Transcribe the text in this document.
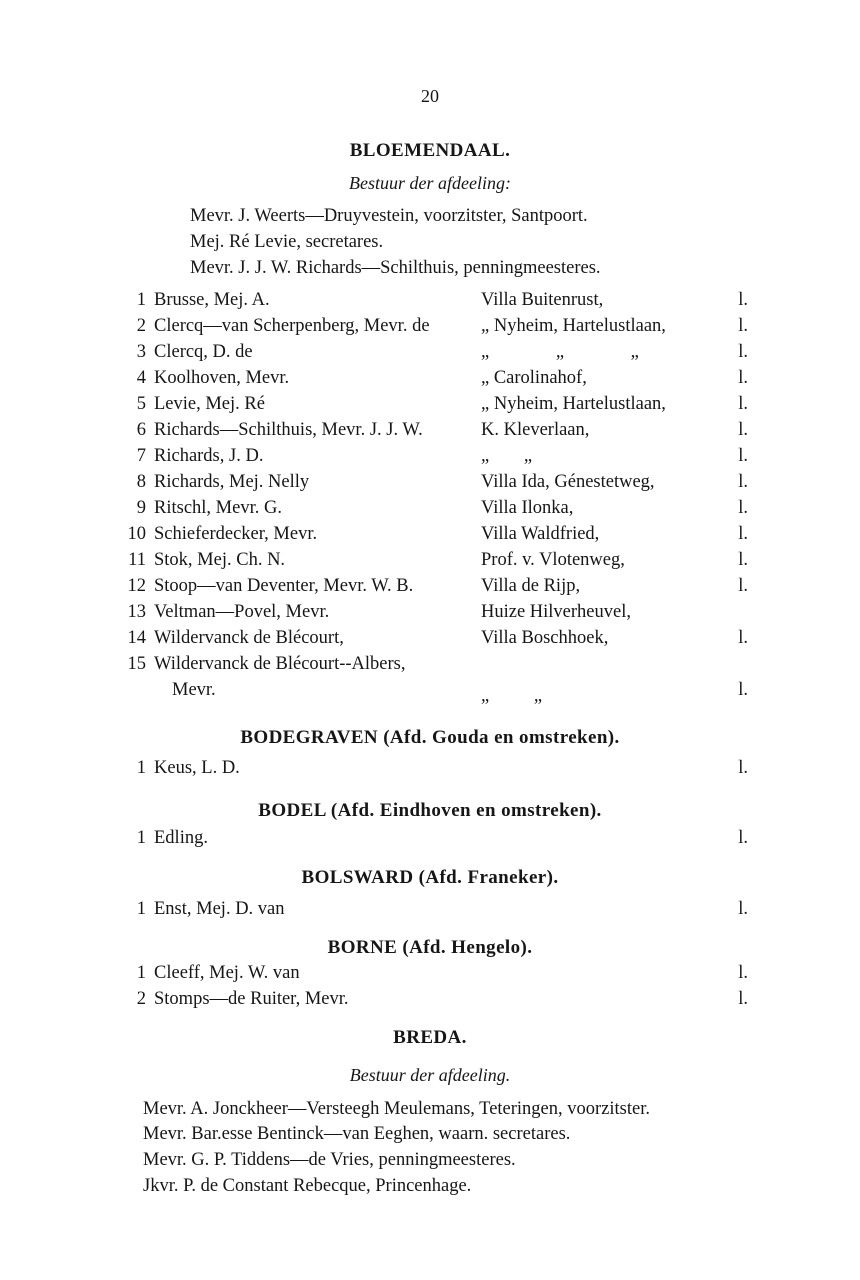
20
BLOEMENDAAL.
Bestuur der afdeeling:
Mevr. J. Weerts—Druyvestein, voorzitster, Santpoort.
Mej. Ré Levie, secretares.
Mevr. J. J. W. Richards—Schilthuis, penningmeesteres.
1 Brusse, Mej. A.	Villa Buitenrust,	l.
2 Clercq—van Scherpenberg, Mevr. de	„ Nyheim, Hartelustlaan,	l.
3 Clercq, D. de	„ „ „	l.
4 Koolhoven, Mevr.	„ Carolinahof,	l.
5 Levie, Mej. Ré	„ Nyheim, Hartelustlaan,	l.
6 Richards—Schilthuis, Mevr. J. J. W.	K. Kleverlaan,	l.
7 Richards, J. D.	„ „	l.
8 Richards, Mej. Nelly	Villa Ida, Génestetweg,	l.
9 Ritschl, Mevr. G.	Villa Ilonka,	l.
10 Schieferdecker, Mevr.	Villa Waldfried,	l.
11 Stok, Mej. Ch. N.	Prof. v. Vlotenweg,	l.
12 Stoop—van Deventer, Mevr. W. B.	Villa de Rijp,	l.
13 Veltman—Povel, Mevr.	Huize Hilverheuvel,
14 Wildervanck de Blécourt,	Villa Boschhoek,	l.
15 Wildervanck de Blécourt--Albers,
Mevr.	„ „	l.
BODEGRAVEN (Afd. Gouda en omstreken).
1 Keus, L. D.	l.
BODEL (Afd. Eindhoven en omstreken).
1 Edling.	l.
BOLSWARD (Afd. Franeker).
1 Enst, Mej. D. van	l.
BORNE (Afd. Hengelo).
1 Cleeff, Mej. W. van	l.
2 Stomps—de Ruiter, Mevr.	l.
BREDA.
Bestuur der afdeeling.
Mevr. A. Jonckheer—Versteegh Meulemans, Teteringen, voorzitster.
Mevr. Bar.esse Bentinck—van Eeghen, waarn. secretares.
Mevr. G. P. Tiddens—de Vries, penningmeesteres.
Jkvr. P. de Constant Rebecque, Princenhage.
